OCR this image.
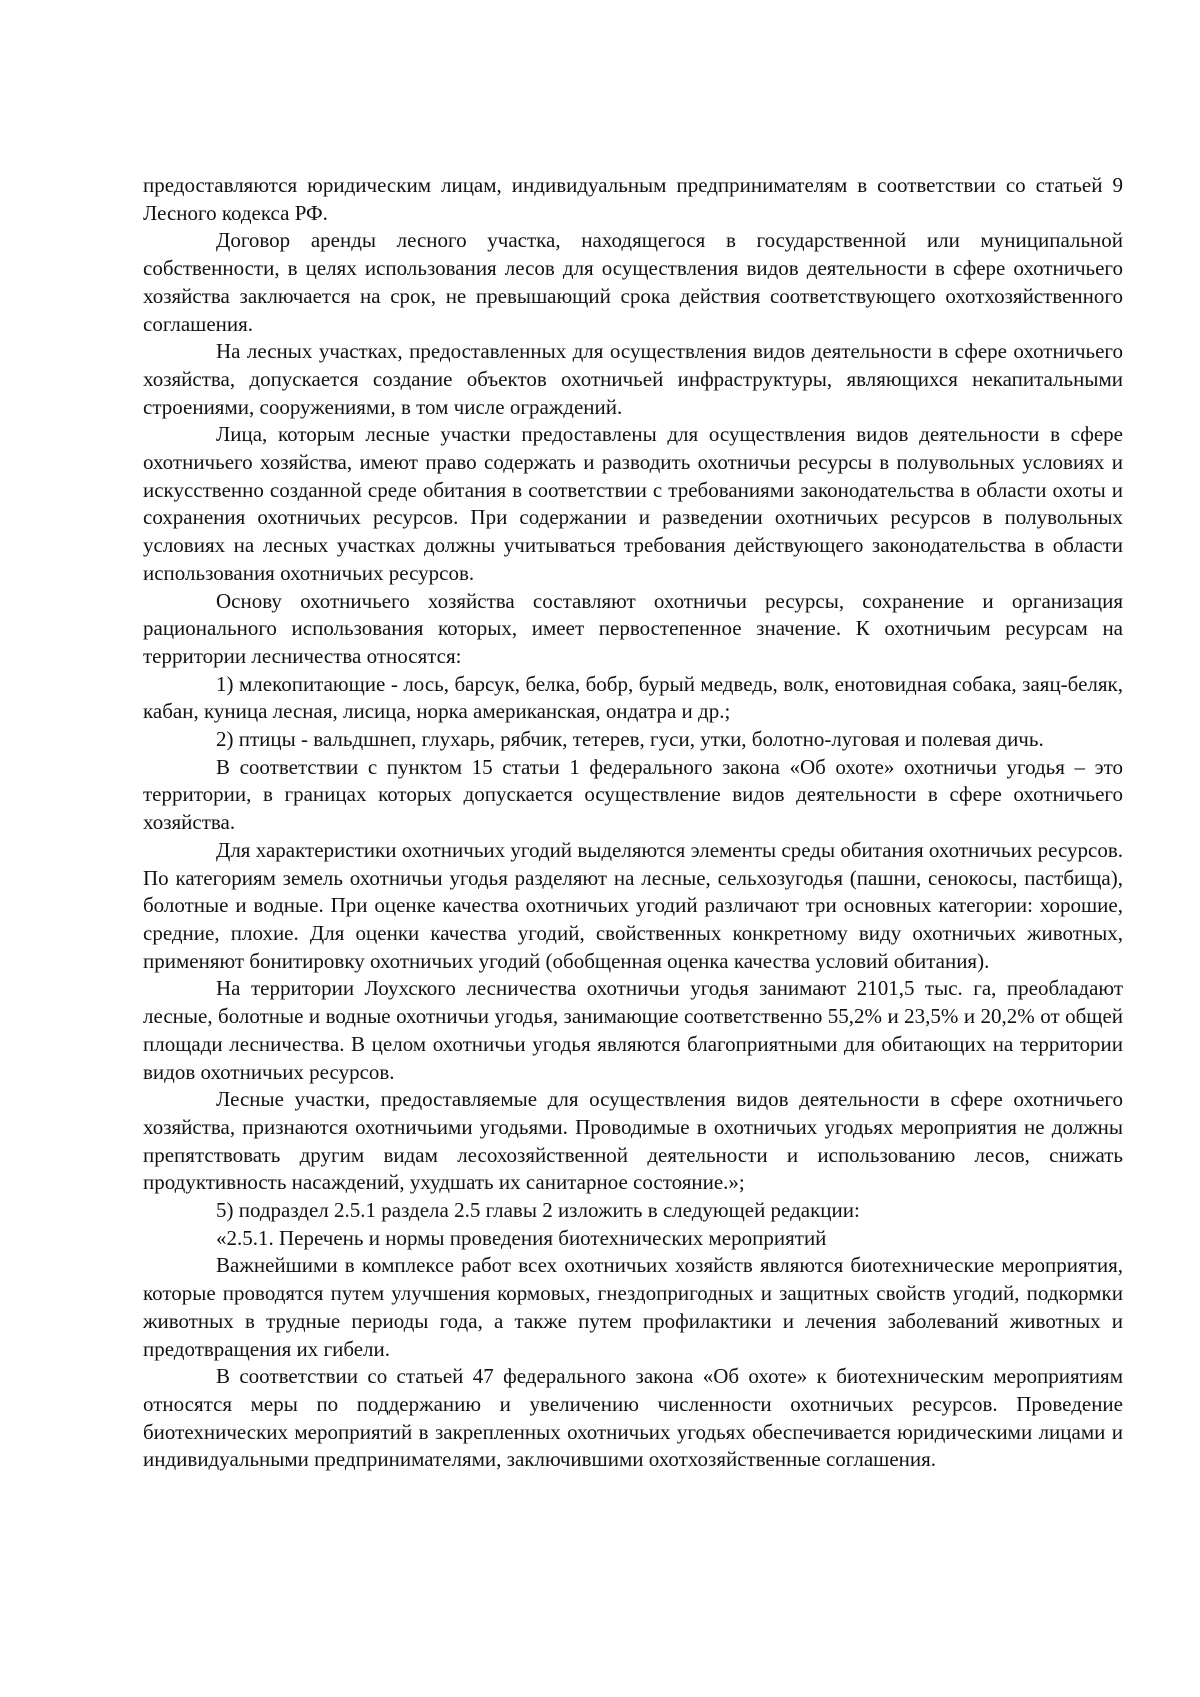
предоставляются юридическим лицам, индивидуальным предпринимателям в соответствии со статьей 9 Лесного кодекса РФ.

Договор аренды лесного участка, находящегося в государственной или муниципальной собственности, в целях использования лесов для осуществления видов деятельности в сфере охотничьего хозяйства заключается на срок, не превышающий срока действия соответствующего охотхозяйственного соглашения.

На лесных участках, предоставленных для осуществления видов деятельности в сфере охотничьего хозяйства, допускается создание объектов охотничьей инфраструктуры, являющихся некапитальными строениями, сооружениями, в том числе ограждений.

Лица, которым лесные участки предоставлены для осуществления видов деятельности в сфере охотничьего хозяйства, имеют право содержать и разводить охотничьи ресурсы в полувольных условиях и искусственно созданной среде обитания в соответствии с требованиями законодательства в области охоты и сохранения охотничьих ресурсов. При содержании и разведении охотничьих ресурсов в полувольных условиях на лесных участках должны учитываться требования действующего законодательства в области использования охотничьих ресурсов.

Основу охотничьего хозяйства составляют охотничьи ресурсы, сохранение и организация рационального использования которых, имеет первостепенное значение. К охотничьим ресурсам на территории лесничества относятся:

1) млекопитающие - лось, барсук, белка, бобр, бурый медведь, волк, енотовидная собака, заяц-беляк, кабан, куница лесная, лисица, норка американская, ондатра и др.;

2) птицы - вальдшнеп, глухарь, рябчик, тетерев, гуси, утки, болотно-луговая и полевая дичь.

В соответствии с пунктом 15 статьи 1 федерального закона «Об охоте» охотничьи угодья – это территории, в границах которых допускается осуществление видов деятельности в сфере охотничьего хозяйства.

Для характеристики охотничьих угодий выделяются элементы среды обитания охотничьих ресурсов. По категориям земель охотничьи угодья разделяют на лесные, сельхозугодья (пашни, сенокосы, пастбища), болотные и водные. При оценке качества охотничьих угодий различают три основных категории: хорошие, средние, плохие. Для оценки качества угодий, свойственных конкретному виду охотничьих животных, применяют бонитировку охотничьих угодий (обобщенная оценка качества условий обитания).

На территории Лоухского лесничества охотничьи угодья занимают 2101,5 тыс. га, преобладают лесные, болотные и водные охотничьи угодья, занимающие соответственно 55,2% и 23,5% и 20,2% от общей площади лесничества. В целом охотничьи угодья являются благоприятными для обитающих на территории видов охотничьих ресурсов.

Лесные участки, предоставляемые для осуществления видов деятельности в сфере охотничьего хозяйства, признаются охотничьими угодьями. Проводимые в охотничьих угодьях мероприятия не должны препятствовать другим видам лесохозяйственной деятельности и использованию лесов, снижать продуктивность насаждений, ухудшать их санитарное состояние.»;

5) подраздел 2.5.1 раздела 2.5 главы 2 изложить в следующей редакции:

«2.5.1. Перечень и нормы проведения биотехнических мероприятий

Важнейшими в комплексе работ всех охотничьих хозяйств являются биотехнические мероприятия, которые проводятся путем улучшения кормовых, гнездопригодных и защитных свойств угодий, подкормки животных в трудные периоды года, а также путем профилактики и лечения заболеваний животных и предотвращения их гибели.

В соответствии со статьей 47 федерального закона «Об охоте» к биотехническим мероприятиям относятся меры по поддержанию и увеличению численности охотничьих ресурсов. Проведение биотехнических мероприятий в закрепленных охотничьих угодьях обеспечивается юридическими лицами и индивидуальными предпринимателями, заключившими охотхозяйственные соглашения.
